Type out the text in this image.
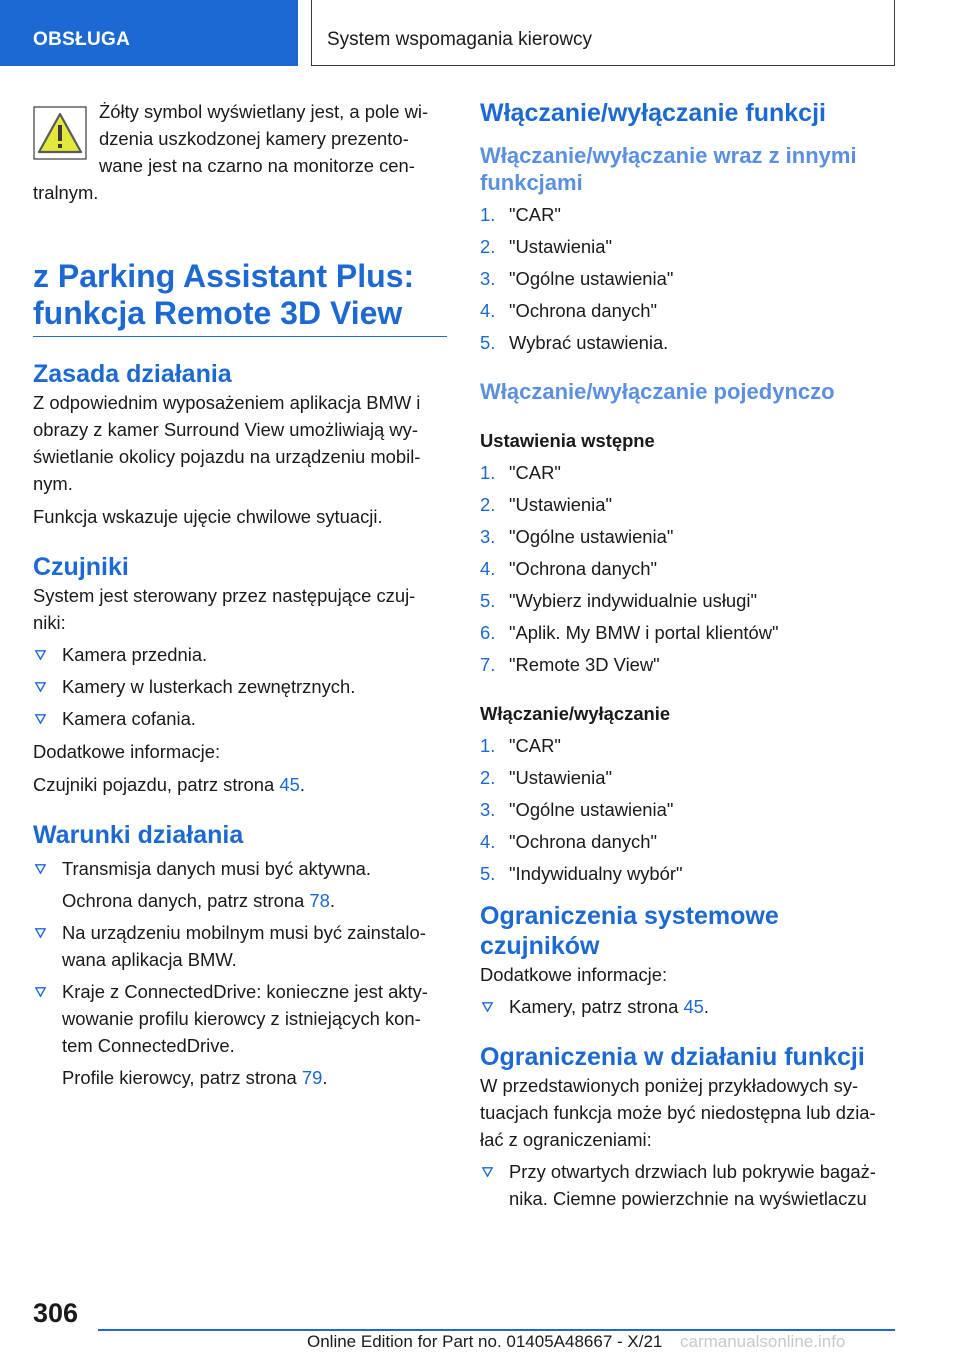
OBSŁUGA	System wspomagania kierowcy
Żółty symbol wyświetlany jest, a pole wi-
dzenia uszkodzonej kamery prezento-
wane jest na czarno na monitorze cen-

tralnym.

z Parking Assistant Plus:
funkcja Remote 3D View
Zasada działania

Z odpowiednim wyposażeniem aplikacja BMW i obrazy z kamer Surround View umożliwiają wy-świetlanie okolicy pojazdu na urządzeniu mobil-nym.

Funkcja wskazuje ujęcie chwilowe sytuacji.

Czujniki

System jest sterowany przez następujące czuj-niki:

Kamera przednia.
Kamery w lusterkach zewnętrznych.
Kamera cofania.

Dodatkowe informacje:

Czujniki pojazdu, patrz strona 45.

Warunki działania
Transmisja danych musi być aktywna.
Ochrona danych, patrz strona 78.
Na urządzeniu mobilnym musi być zainstalo-wana aplikacja BMW.
Kraje z ConnectedDrive: konieczne jest akty-wowanie profilu kierowcy z istniejących kon-tem ConnectedDrive.
Profile kierowcy, patrz strona 79.
Włączanie/wyłączanie funkcji
Włączanie/wyłączanie wraz z innymi funkcjami
1. "CAR"
2. "Ustawienia"
3. "Ogólne ustawienia"
4. "Ochrona danych"
5. Wybrać ustawienia.
Włączanie/wyłączanie pojedynczo
Ustawienia wstępne
1. "CAR"
2. "Ustawienia"
3. "Ogólne ustawienia"
4. "Ochrona danych"
5. "Wybierz indywidualnie usługi"
6. "Aplik. My BMW i portal klientów"
7. "Remote 3D View"
Włączanie/wyłączanie
1. "CAR"
2. "Ustawienia"
3. "Ogólne ustawienia"
4. "Ochrona danych"
5. "Indywidualny wybór"
Ograniczenia systemowe czujników

Dodatkowe informacje:

Kamery, patrz strona 45.
Ograniczenia w działaniu funkcji

W przedstawionych poniżej przykładowych sy-tuacjach funkcja może być niedostępna lub dzia-łać z ograniczeniami:

Przy otwartych drzwiach lub pokrywie bagaż-nika. Ciemne powierzchnie na wyświetlaczu
306
Online Edition for Part no. 01405A48667 - X/21 carmanualsonline.info
